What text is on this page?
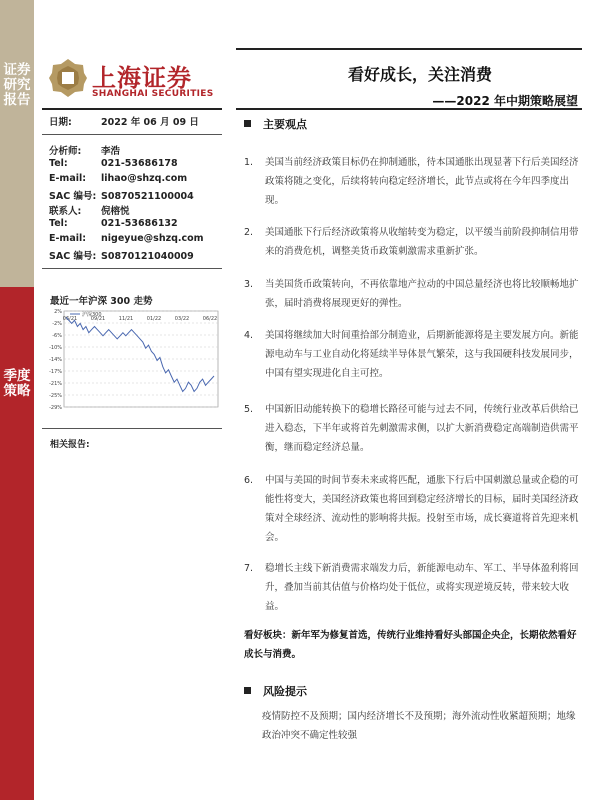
证券研究报告
季度策略
上海证券
SHANGHAI SECURITIES
看好成长，关注消费
——2022 年中期策略展望
日期:	2022 年 06 月 09 日
分析师: 李浩
Tel:	021-53686178
E-mail: lihao@shzq.com
SAC 编号: S0870521100004
联系人: 倪榕悦
Tel:	021-53686132
E-mail: nigeyue@shzq.com
SAC 编号: S0870121040009
最近一年沪深 300 走势
2%
-2%
-6%
-10%
-14%
-17%
-21%
-25%
-29%
06/21	09/21	11/21	01/22	03/22	06/22
沪深300
相关报告:
主要观点
1. 美国当前经济政策目标仍在抑制通胀，待本国通胀出现显著下行后美国经济政策将随之变化，后续将转向稳定经济增长，此节点或将在今年四季度出现。
2. 美国通胀下行后经济政策将从收缩转变为稳定，以平缓当前阶段抑制信用带来的消费危机，调整美货币政策刺激需求重新扩张。
3. 当美国货币政策转向，不再依靠地产拉动的中国总量经济也将比较顺畅地扩张，届时消费将展现更好的弹性。
4. 美国将继续加大时间重拾部分制造业，后期新能源将是主要发展方向。新能源电动车与工业自动化将延续半导体景气繁荣，这与我国硬科技发展同步，中国有望实现进化自主可控。
5. 中国新旧动能转换下的稳增长路径可能与过去不同，传统行业改革后供给已进入稳态，下半年或将首先刺激需求侧，以扩大新消费稳定高端制造供需平衡，继而稳定经济总量。
6. 中国与美国的时间节奏未来或将匹配，通胀下行后中国刺激总量或企稳的可能性将变大，美国经济政策也将回到稳定经济增长的目标，届时美国经济政策对全球经济、流动性的影响将共振。投射至市场，成长赛道将首先迎来机会。
7. 稳增长主线下新消费需求端发力后，新能源电动车、军工、半导体盈利将回升，叠加当前其估值与价格均处于低位，或将实现逆境反转，带来较大收益。
看好板块：新年军为修复首选，传统行业维持看好头部国企央企，长期依然看好成长与消费。
风险提示
疫情防控不及预期；国内经济增长不及预期；海外流动性收紧超预期；地缘政治冲突不确定性较强
